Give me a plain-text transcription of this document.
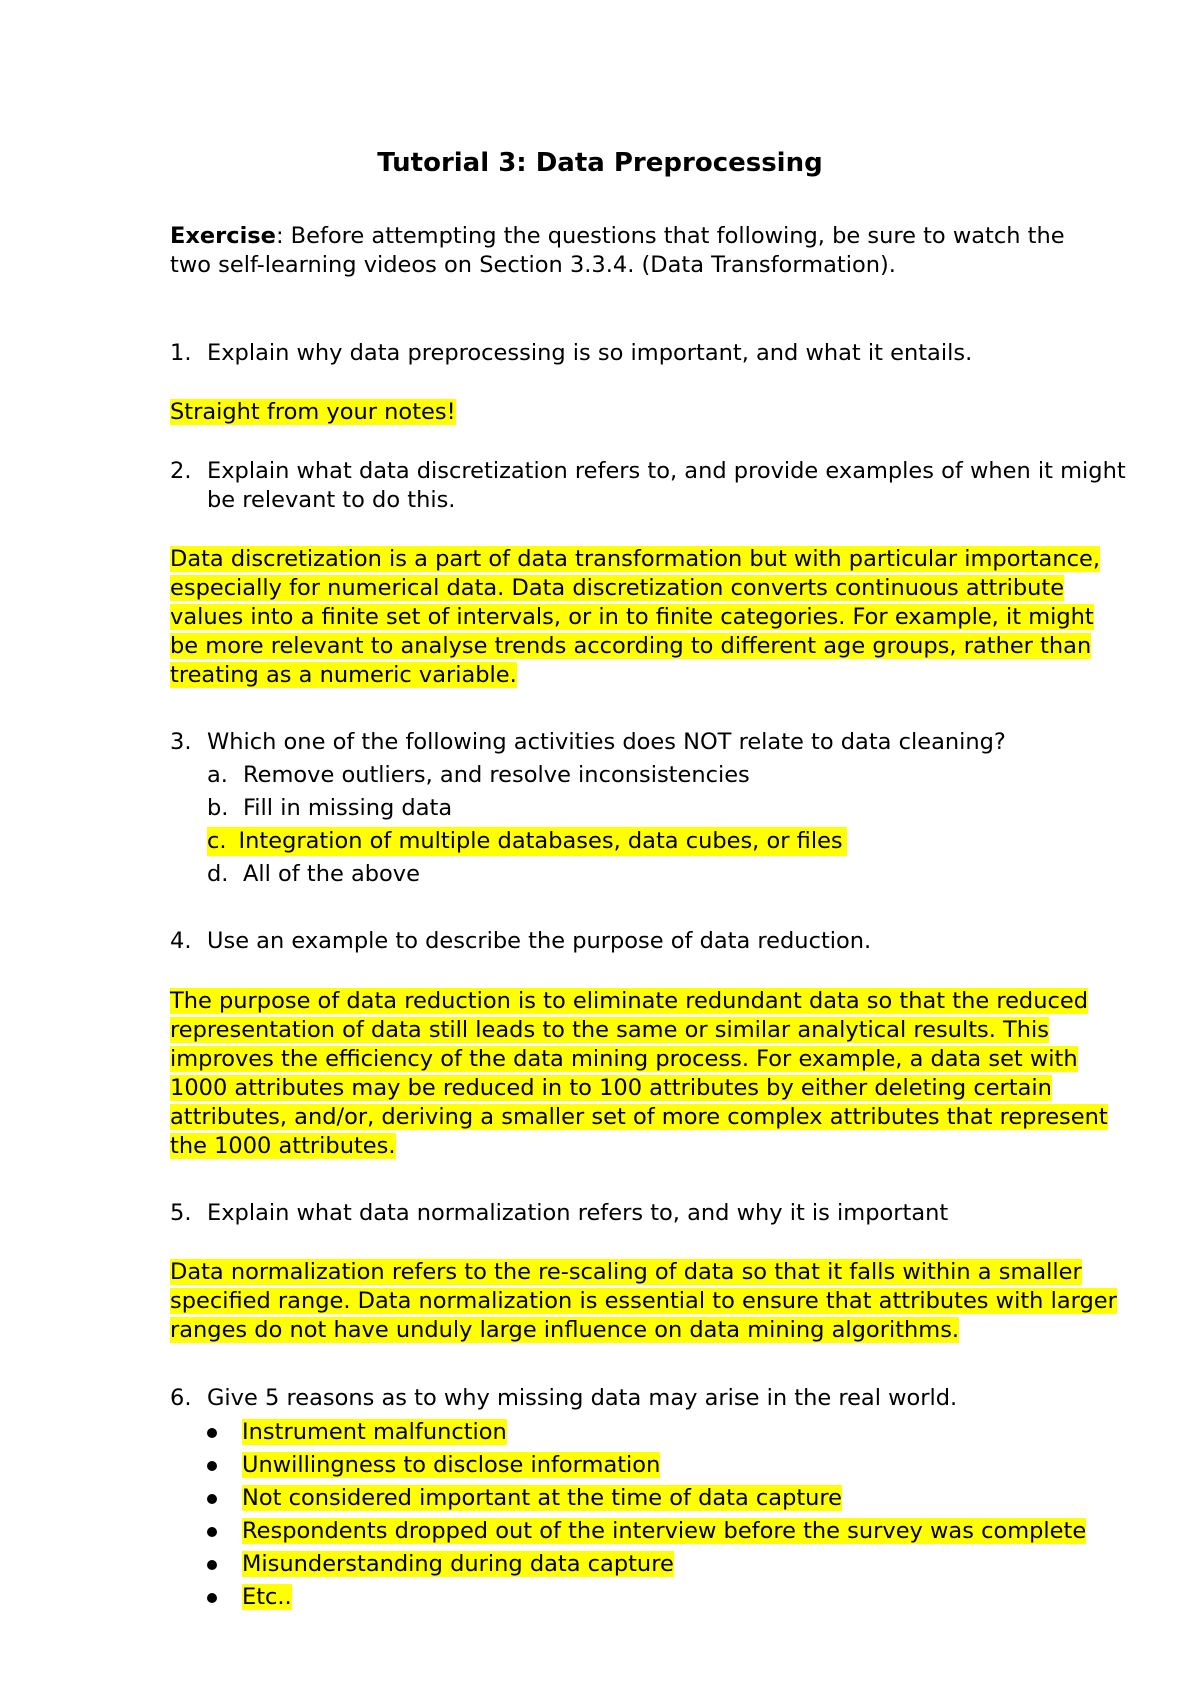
Tutorial 3: Data Preprocessing
Exercise: Before attempting the questions that following, be sure to watch the
two self-learning videos on Section 3.3.4. (Data Transformation).
1. Explain why data preprocessing is so important, and what it entails.
Straight from your notes!
2. Explain what data discretization refers to, and provide examples of when it might
be relevant to do this.
Data discretization is a part of data transformation but with particular importance,
especially for numerical data. Data discretization converts continuous attribute
values into a finite set of intervals, or in to finite categories. For example, it might
be more relevant to analyse trends according to different age groups, rather than
treating as a numeric variable.
3. Which one of the following activities does NOT relate to data cleaning?
a. Remove outliers, and resolve inconsistencies
b. Fill in missing data
c. Integration of multiple databases, data cubes, or files
d. All of the above
4. Use an example to describe the purpose of data reduction.
The purpose of data reduction is to eliminate redundant data so that the reduced
representation of data still leads to the same or similar analytical results. This
improves the efficiency of the data mining process. For example, a data set with
1000 attributes may be reduced in to 100 attributes by either deleting certain
attributes, and/or, deriving a smaller set of more complex attributes that represent
the 1000 attributes.
5. Explain what data normalization refers to, and why it is important
Data normalization refers to the re-scaling of data so that it falls within a smaller
specified range. Data normalization is essential to ensure that attributes with larger
ranges do not have unduly large influence on data mining algorithms.
6. Give 5 reasons as to why missing data may arise in the real world.
Instrument malfunction
Unwillingness to disclose information
Not considered important at the time of data capture
Respondents dropped out of the interview before the survey was complete
Misunderstanding during data capture
Etc..
